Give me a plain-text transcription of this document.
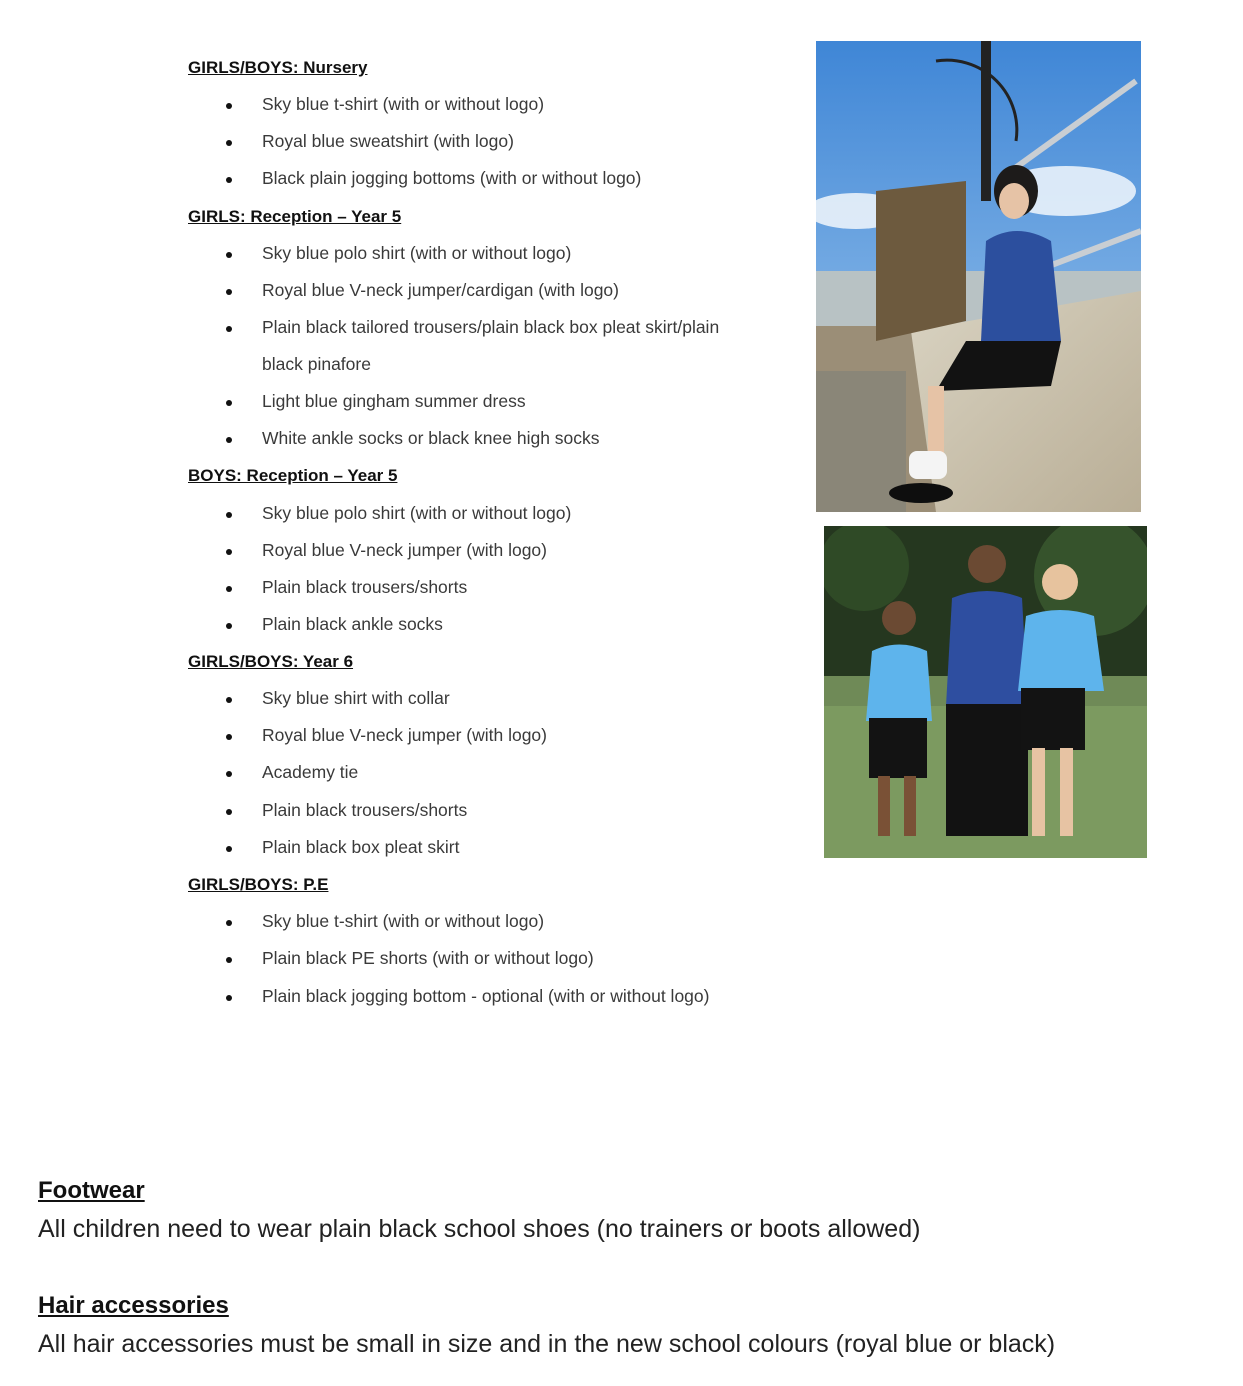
GIRLS/BOYS: Nursery
Sky blue t-shirt (with or without logo)
Royal blue sweatshirt (with logo)
Black plain jogging bottoms (with or without logo)
GIRLS: Reception – Year 5
Sky blue polo shirt (with or without logo)
Royal blue V-neck jumper/cardigan (with logo)
Plain black tailored trousers/plain black box pleat skirt/plain
black pinafore
Light blue gingham summer dress
White ankle socks or black knee high socks
BOYS: Reception – Year 5
Sky blue polo shirt (with or without logo)
Royal blue V-neck jumper (with logo)
Plain black trousers/shorts
Plain black ankle socks
GIRLS/BOYS: Year 6
Sky blue shirt with collar
Royal blue V-neck jumper (with logo)
Academy tie
Plain black trousers/shorts
Plain black box pleat skirt
GIRLS/BOYS: P.E
Sky blue t-shirt (with or without logo)
Plain black PE shorts (with or without logo)
Plain black jogging bottom - optional (with or without logo)
Footwear
All children need to wear plain black school shoes (no trainers or boots allowed)
Hair accessories
All hair accessories must be small in size and in the new school colours (royal blue or black)
